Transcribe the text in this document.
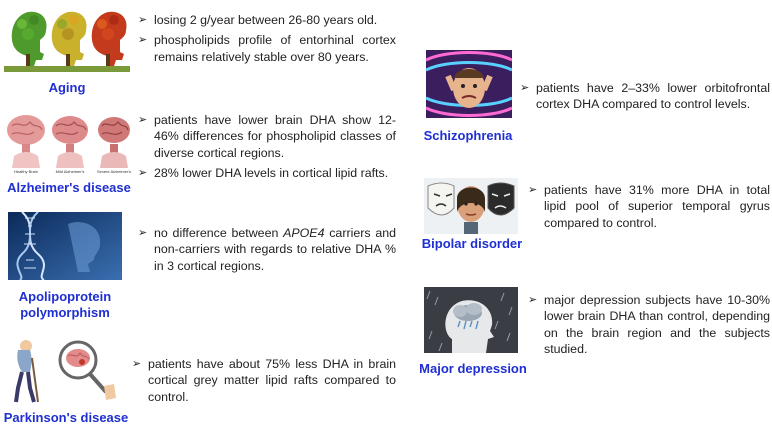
Aging
➢ losing 2 g/year between 26-80 years old.
➢ phospholipids profile of entorhinal cortex remains relatively stable over 80 years.
Healthy Brain	Mild Alzheimer's	Severe Alzheimer's
Alzheimer's disease
➢ patients have lower brain DHA show 12-46% differences for phospholipid classes of diverse cortical regions.
➢ 28% lower DHA levels in cortical lipid rafts.
Apolipoprotein
polymorphism
➢ no difference between APOE4 carriers and non-carriers with regards to relative DHA % in 3 cortical regions.
Parkinson's disease
➢ patients have about 75% less DHA in brain cortical grey matter lipid rafts compared to control.
Schizophrenia
➢ patients have 2–33% lower orbitofrontal cortex DHA compared to control levels.
Bipolar disorder
➢ patients have 31% more DHA in total lipid pool of superior temporal gyrus compared to control.
Major depression
➢ major depression subjects have 10-30% lower brain DHA than control, depending on the brain region and the subjects studied.
